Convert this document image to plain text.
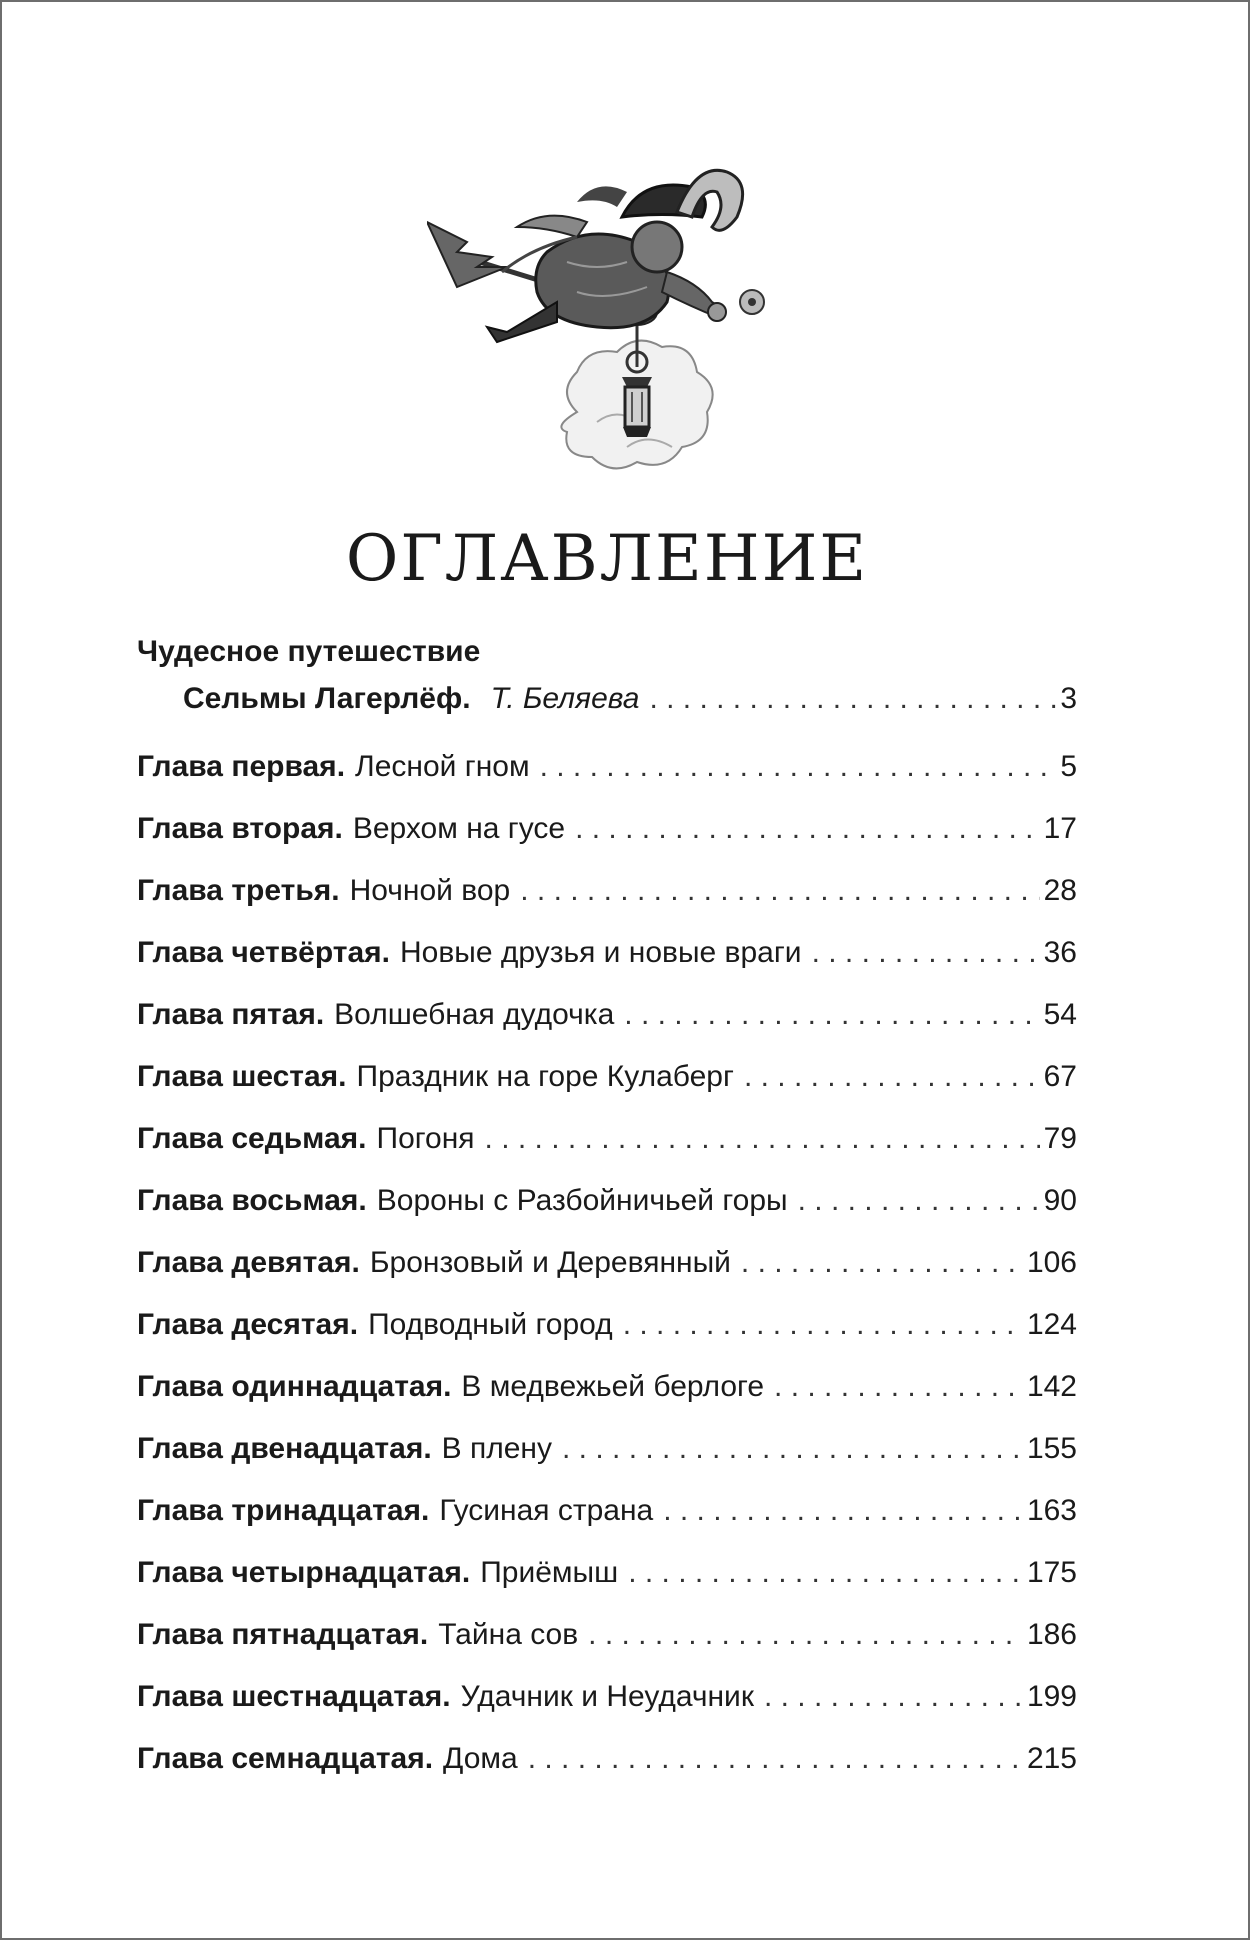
ОГЛАВЛЕНИЕ
Чудесное путешествие
Сельмы Лагерлёф. Т. Беляева . . .	3
Глава первая. Лесной гном . . .	5
Глава вторая. Верхом на гусе . . .	17
Глава третья. Ночной вор . . .	28
Глава четвёртая. Новые друзья и новые враги . . .	36
Глава пятая. Волшебная дудочка . . .	54
Глава шестая. Праздник на горе Кулаберг . . .	67
Глава седьмая. Погоня . . .	79
Глава восьмая. Вороны с Разбойничьей горы . . .	90
Глава девятая. Бронзовый и Деревянный . . .	106
Глава десятая. Подводный город . . .	124
Глава одиннадцатая. В медвежьей берлоге . . .	142
Глава двенадцатая. В плену . . .	155
Глава тринадцатая. Гусиная страна . . .	163
Глава четырнадцатая. Приёмыш . . .	175
Глава пятнадцатая. Тайна сов . . .	186
Глава шестнадцатая. Удачник и Неудачник . . .	199
Глава семнадцатая. Дома . . .	215
